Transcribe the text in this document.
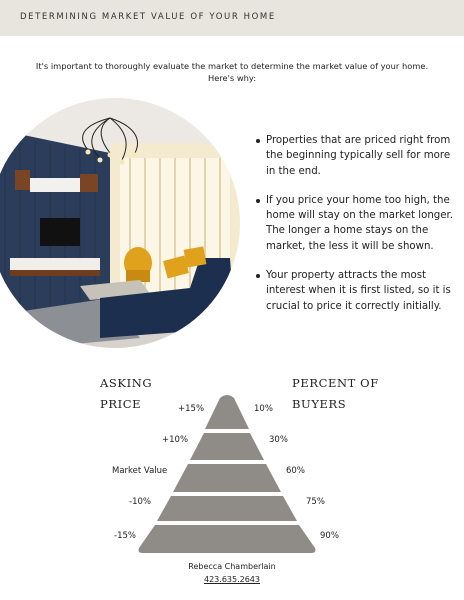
DETERMINING MARKET VALUE OF YOUR HOME
It's important to thoroughly evaluate the market to determine the market value of your home.
Here's why:
Properties that are priced right from the beginning typically sell for more in the end.
If you price your home too high, the home will stay on the market longer. The longer a home stays on the market, the less it will be shown.
Your property attracts the most interest when it is first listed, so it is crucial to price it correctly initially.
ASKING
PRICE
PERCENT OF
BUYERS
+15%	10%
+10%	30%
Market Value	60%
-10%	75%
-15%	90%
Rebecca Chamberlain
423.635.2643
